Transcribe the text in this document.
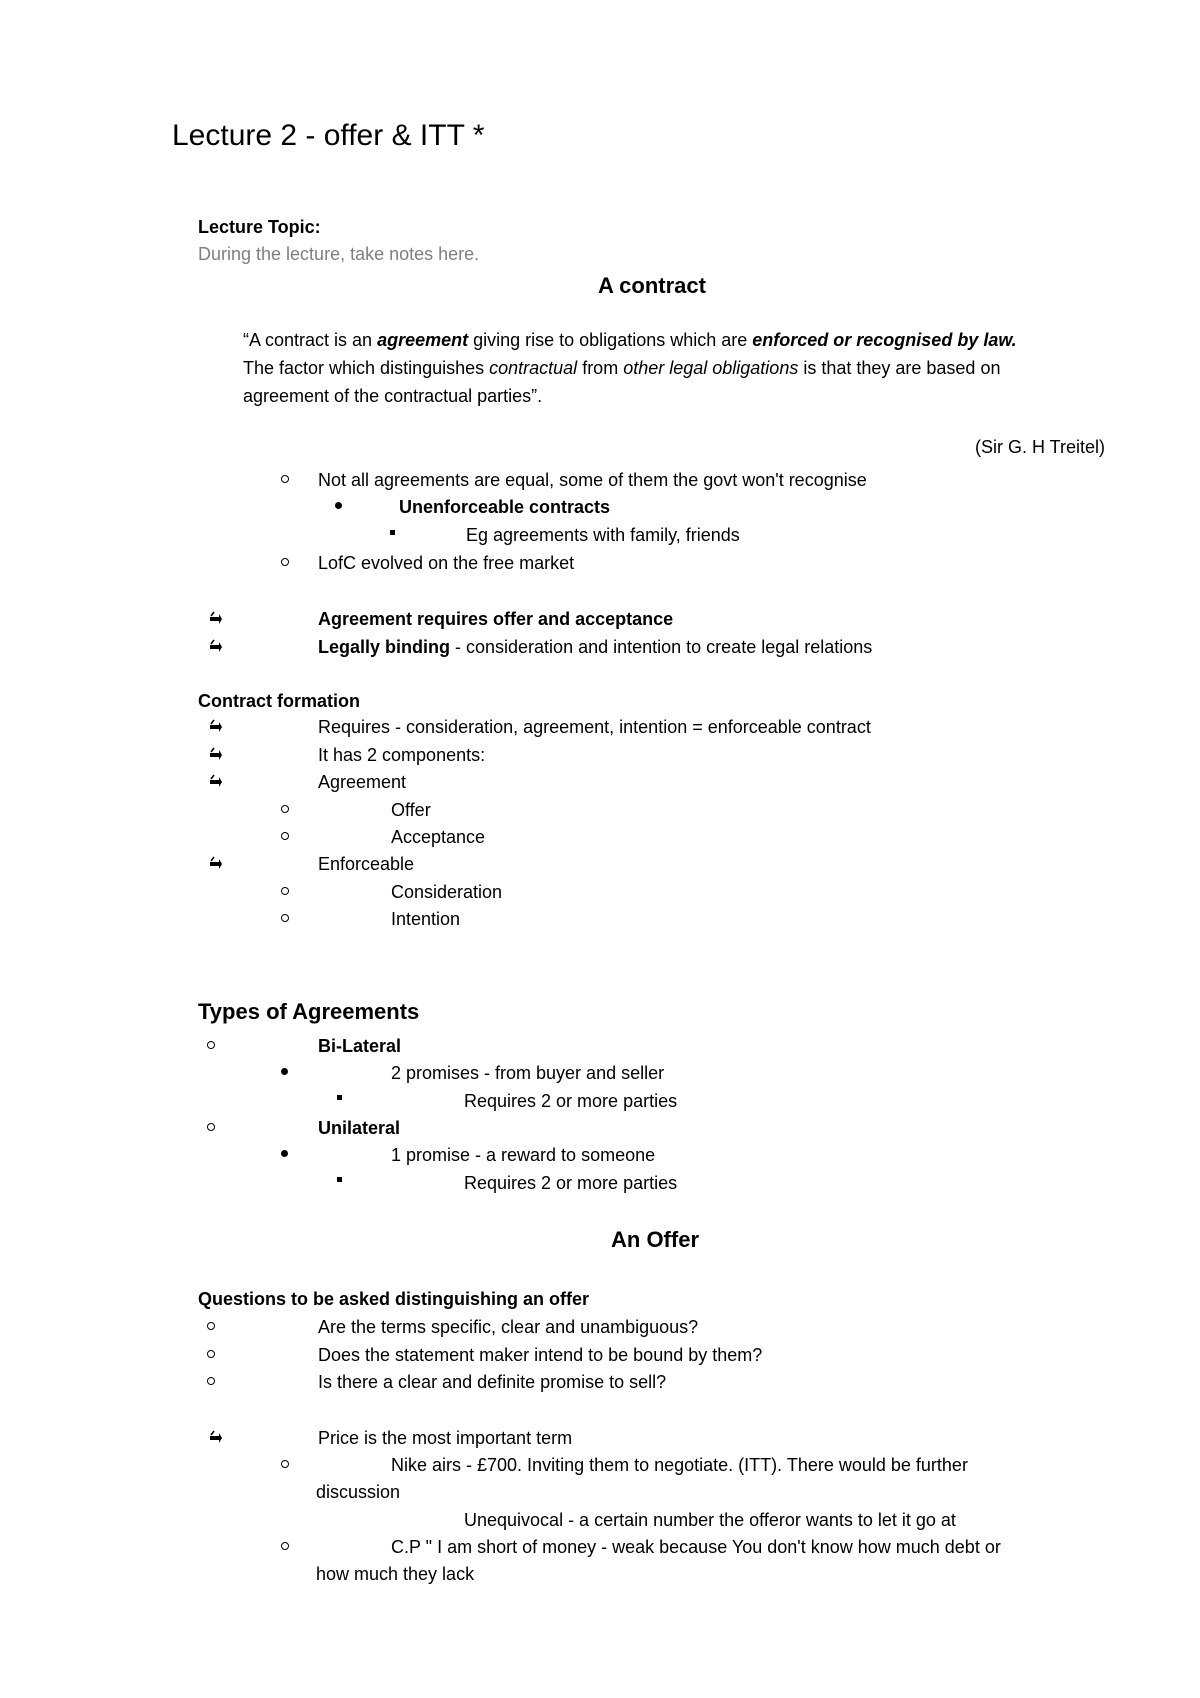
Lecture 2 - offer & ITT *
Lecture Topic:
During the lecture, take notes here.
A contract
“A contract is an agreement giving rise to obligations which are enforced or recognised by law.
The factor which distinguishes contractual from other legal obligations is that they are based on
agreement of the contractual parties”.
(Sir G. H Treitel)
Not all agreements are equal, some of them the govt won't recognise
Unenforceable contracts
Eg agreements with family, friends
LofC evolved on the free market
Agreement requires offer and acceptance
Legally binding - consideration and intention to create legal relations
Contract formation
Requires - consideration, agreement, intention = enforceable contract
It has 2 components:
Agreement
Offer
Acceptance
Enforceable
Consideration
Intention
Types of Agreements
Bi-Lateral
2 promises - from buyer and seller
Requires 2 or more parties
Unilateral
1 promise - a reward to someone
Requires 2 or more parties
An Offer
Questions to be asked distinguishing an offer
Are the terms specific, clear and unambiguous?
Does the statement maker intend to be bound by them?
Is there a clear and definite promise to sell?
Price is the most important term
Nike airs - £700. Inviting them to negotiate. (ITT). There would be further
discussion
Unequivocal - a certain number the offeror wants to let it go at
C.P " I am short of money - weak because You don't know how much debt or
how much they lack
